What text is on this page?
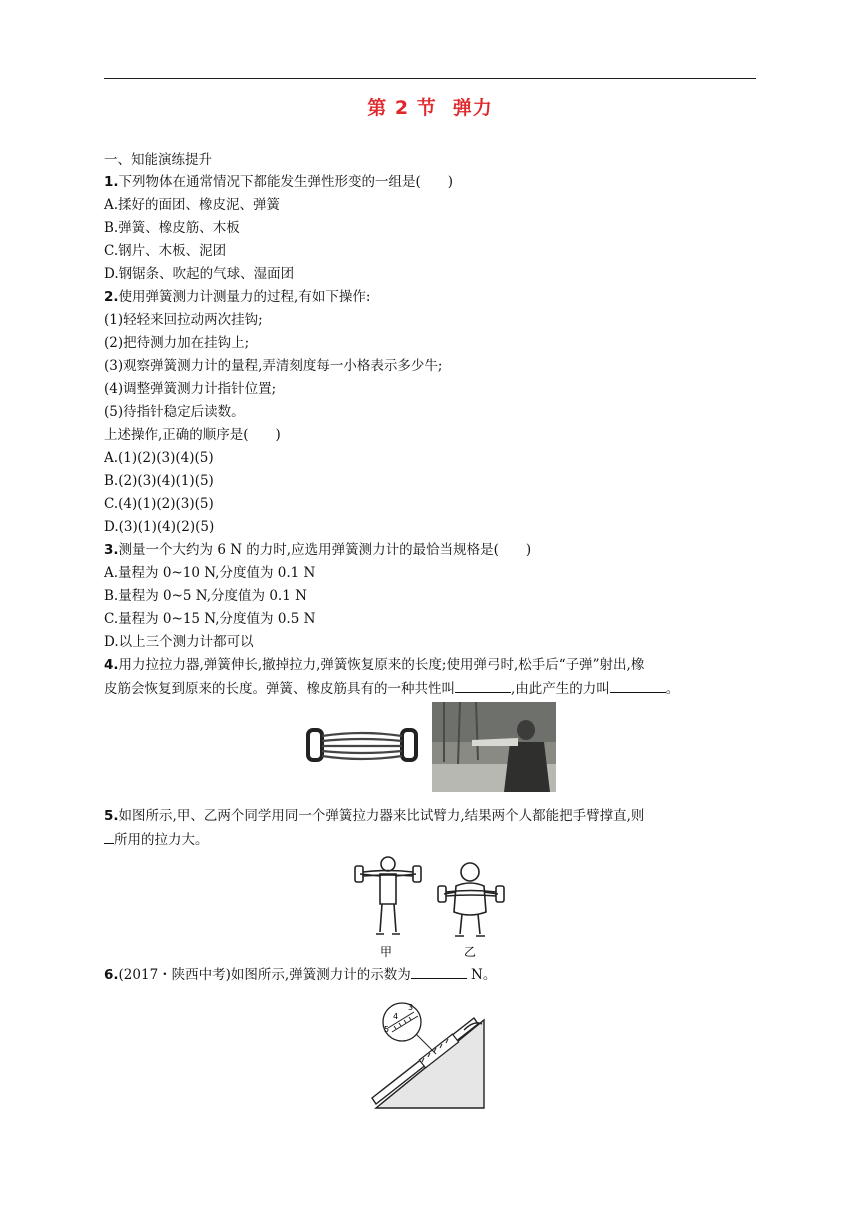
第 2 节 弹力
一、知能演练提升
1.下列物体在通常情况下都能发生弹性形变的一组是(　　)
A.揉好的面团、橡皮泥、弹簧
B.弹簧、橡皮筋、木板
C.钢片、木板、泥团
D.钢锯条、吹起的气球、湿面团
2.使用弹簧测力计测量力的过程,有如下操作:
(1)轻轻来回拉动两次挂钩;
(2)把待测力加在挂钩上;
(3)观察弹簧测力计的量程,弄清刻度每一小格表示多少牛;
(4)调整弹簧测力计指针位置;
(5)待指针稳定后读数。
上述操作,正确的顺序是(　　)
A.(1)(2)(3)(4)(5)
B.(2)(3)(4)(1)(5)
C.(4)(1)(2)(3)(5)
D.(3)(1)(4)(2)(5)
3.测量一个大约为 6 N 的力时,应选用弹簧测力计的最恰当规格是(　　)
A.量程为 0~10 N,分度值为 0.1 N
B.量程为 0~5 N,分度值为 0.1 N
C.量程为 0~15 N,分度值为 0.5 N
D.以上三个测力计都可以
4.用力拉拉力器,弹簧伸长,撤掉拉力,弹簧恢复原来的长度;使用弹弓时,松手后“子弹”射出,橡
皮筋会恢复到原来的长度。弹簧、橡皮筋具有的一种共性叫	,由此产生的力叫	。
5.如图所示,甲、乙两个同学用同一个弹簧拉力器来比试臂力,结果两个人都能把手臂撑直,则
所用的拉力大。
甲	乙
6.(2017・陕西中考)如图所示,弹簧测力计的示数为	N。
3
4
5
